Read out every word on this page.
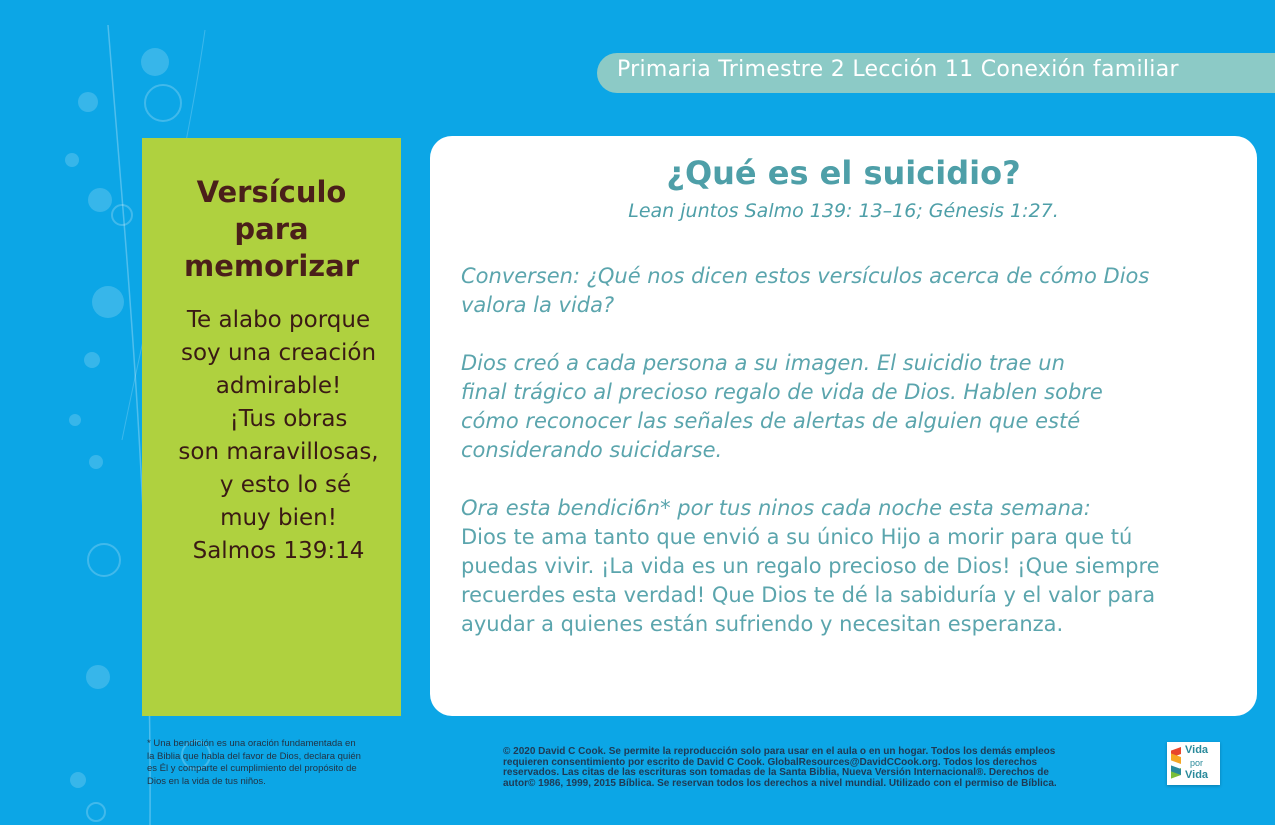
Primaria Trimestre 2 Lección 11 Conexión familiar
Versículo
para
memorizar
Te alabo porque
soy una creación
admirable!
¡Tus obras
son maravillosas,
y esto lo sé
muy bien!
Salmos 139:14
¿Qué es el suicidio?
Lean juntos Salmo 139: 13–16; Génesis 1:27.
Conversen: ¿Qué nos dicen estos versículos acerca de cómo Dios
valora la vida?
Dios creó a cada persona a su imagen. El suicidio trae un
final trágico al precioso regalo de vida de Dios. Hablen sobre
cómo reconocer las señales de alertas de alguien que esté
considerando suicidarse.
Ora esta bendici6n* por tus ninos cada noche esta semana:
Dios te ama tanto que envió a su único Hijo a morir para que tú
puedas vivir. ¡La vida es un regalo precioso de Dios! ¡Que siempre
recuerdes esta verdad! Que Dios te dé la sabiduría y el valor para
ayudar a quienes están sufriendo y necesitan esperanza.
* Una bendición es una oración fundamentada en
la Biblia que habla del favor de Dios, declara quién
es Él y comparte el cumplimiento del propósito de
Dios en la vida de tus niños.
© 2020 David C Cook. Se permite la reproducción solo para usar en el aula o en un hogar. Todos los demás empleos
requieren consentimiento por escrito de David C Cook. GlobalResources@DavidCCook.org. Todos los derechos
reservados. Las citas de las escrituras son tomadas de la Santa Biblia, Nueva Versión Internacional®. Derechos de
autor© 1986, 1999, 2015 Bíblica. Se reservan todos los derechos a nivel mundial. Utilizado con el permiso de Bíblica.
Vida
por
Vida
